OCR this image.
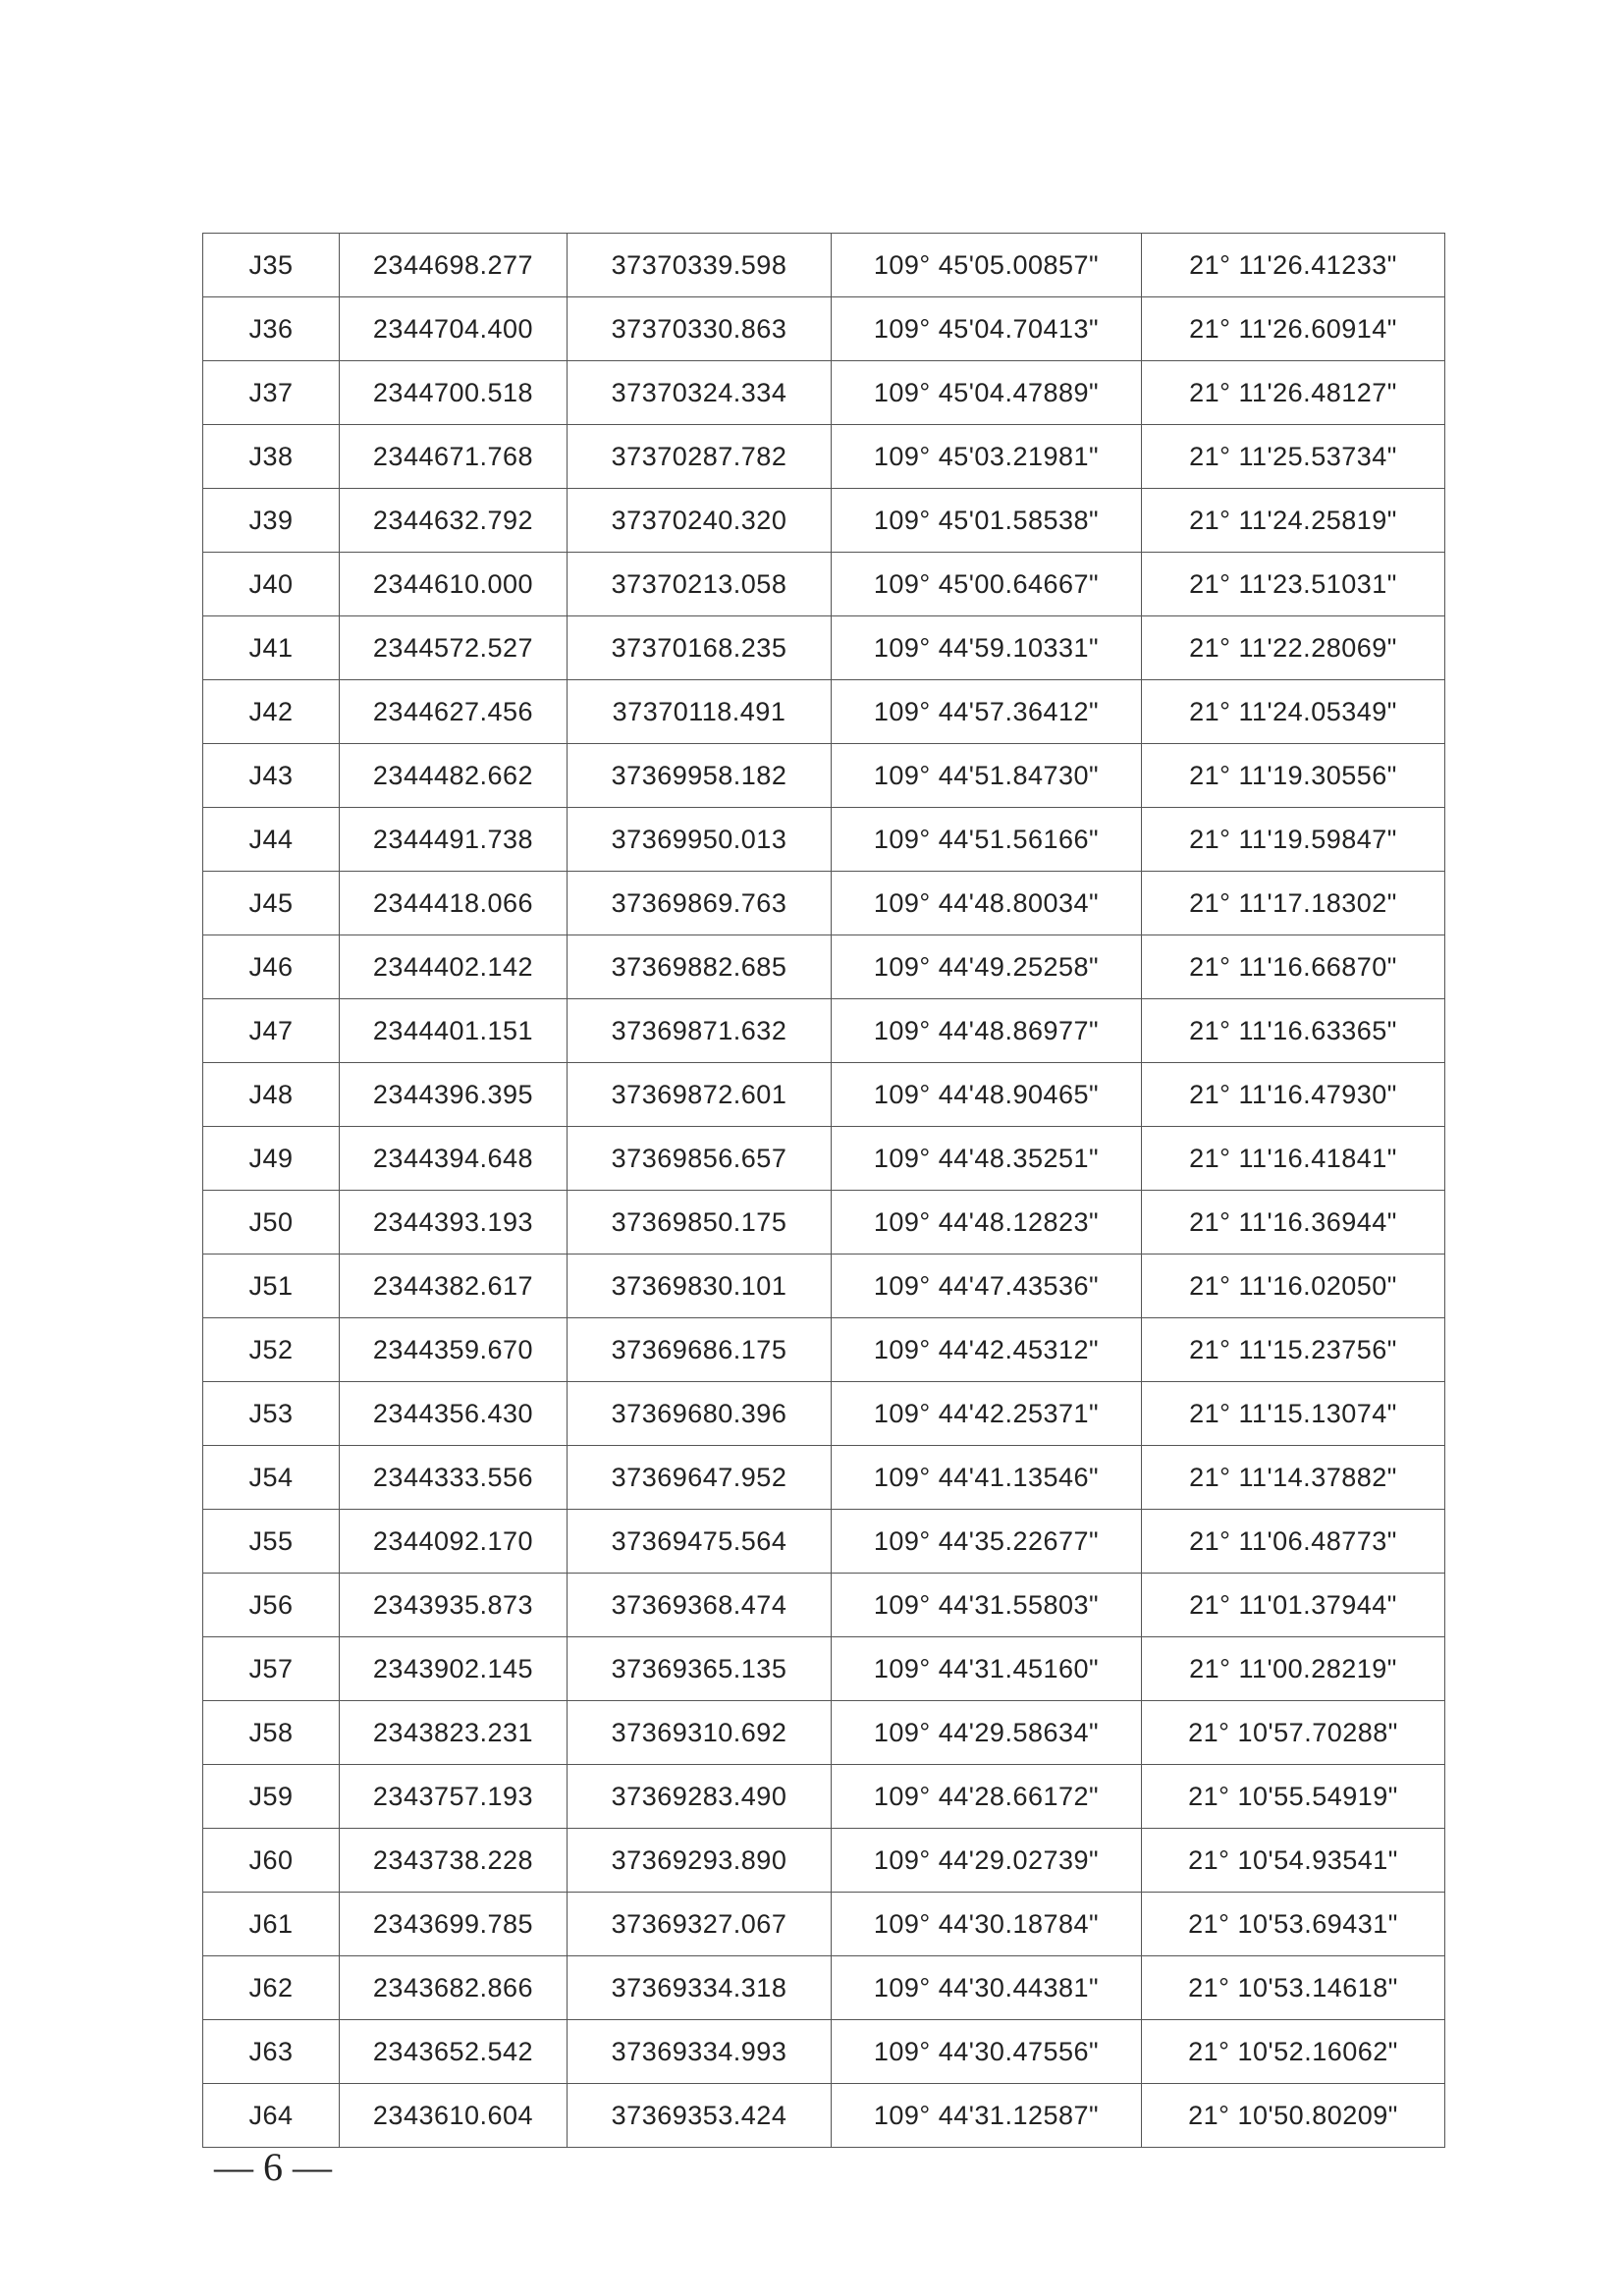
J35	2344698.277	37370339.598	109° 45'05.00857"	21° 11'26.41233"
J36	2344704.400	37370330.863	109° 45'04.70413"	21° 11'26.60914"
J37	2344700.518	37370324.334	109° 45'04.47889"	21° 11'26.48127"
J38	2344671.768	37370287.782	109° 45'03.21981"	21° 11'25.53734"
J39	2344632.792	37370240.320	109° 45'01.58538"	21° 11'24.25819"
J40	2344610.000	37370213.058	109° 45'00.64667"	21° 11'23.51031"
J41	2344572.527	37370168.235	109° 44'59.10331"	21° 11'22.28069"
J42	2344627.456	37370118.491	109° 44'57.36412"	21° 11'24.05349"
J43	2344482.662	37369958.182	109° 44'51.84730"	21° 11'19.30556"
J44	2344491.738	37369950.013	109° 44'51.56166"	21° 11'19.59847"
J45	2344418.066	37369869.763	109° 44'48.80034"	21° 11'17.18302"
J46	2344402.142	37369882.685	109° 44'49.25258"	21° 11'16.66870"
J47	2344401.151	37369871.632	109° 44'48.86977"	21° 11'16.63365"
J48	2344396.395	37369872.601	109° 44'48.90465"	21° 11'16.47930"
J49	2344394.648	37369856.657	109° 44'48.35251"	21° 11'16.41841"
J50	2344393.193	37369850.175	109° 44'48.12823"	21° 11'16.36944"
J51	2344382.617	37369830.101	109° 44'47.43536"	21° 11'16.02050"
J52	2344359.670	37369686.175	109° 44'42.45312"	21° 11'15.23756"
J53	2344356.430	37369680.396	109° 44'42.25371"	21° 11'15.13074"
J54	2344333.556	37369647.952	109° 44'41.13546"	21° 11'14.37882"
J55	2344092.170	37369475.564	109° 44'35.22677"	21° 11'06.48773"
J56	2343935.873	37369368.474	109° 44'31.55803"	21° 11'01.37944"
J57	2343902.145	37369365.135	109° 44'31.45160"	21° 11'00.28219"
J58	2343823.231	37369310.692	109° 44'29.58634"	21° 10'57.70288"
J59	2343757.193	37369283.490	109° 44'28.66172"	21° 10'55.54919"
J60	2343738.228	37369293.890	109° 44'29.02739"	21° 10'54.93541"
J61	2343699.785	37369327.067	109° 44'30.18784"	21° 10'53.69431"
J62	2343682.866	37369334.318	109° 44'30.44381"	21° 10'53.14618"
J63	2343652.542	37369334.993	109° 44'30.47556"	21° 10'52.16062"
J64	2343610.604	37369353.424	109° 44'31.12587"	21° 10'50.80209"
— 6 —
